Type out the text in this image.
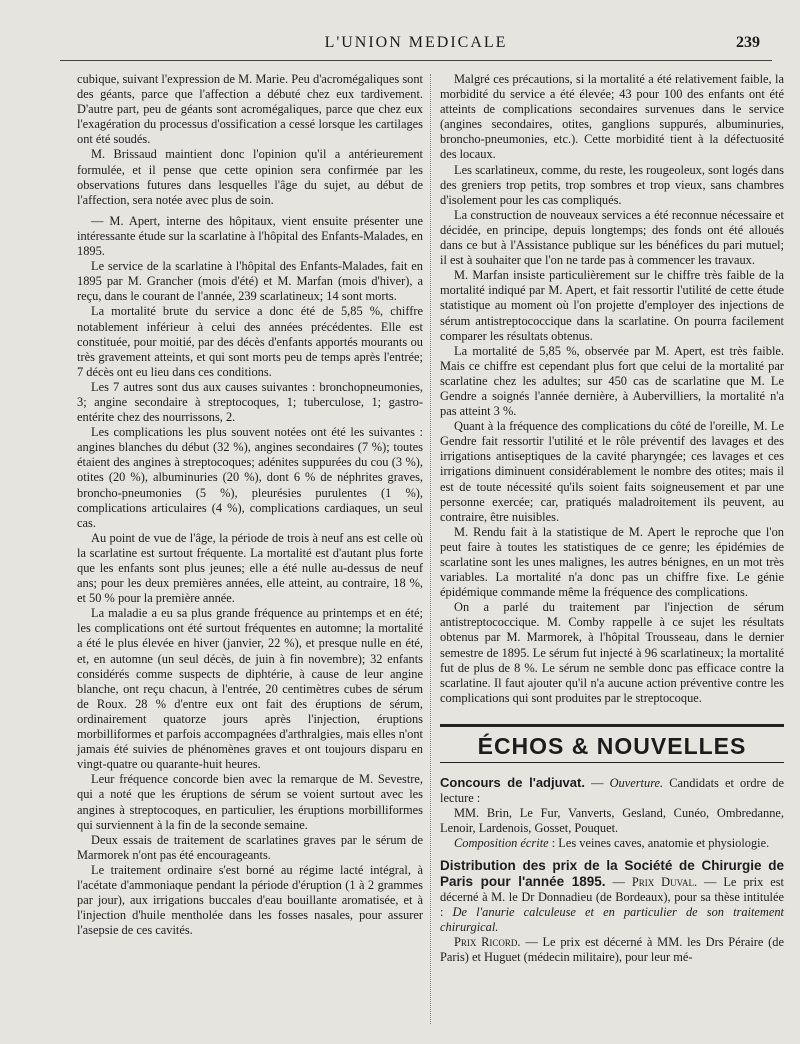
L'UNION MEDICALE	239

cubique, suivant l'expression de M. Marie. Peu d'acromégaliques sont des géants, parce que l'affection a débuté chez eux tardivement. D'autre part, peu de géants sont acromégaliques, parce que chez eux l'exagération du processus d'ossification a cessé lorsque les cartilages ont été soudés.

M. Brissaud maintient donc l'opinion qu'il a antérieurement formulée, et il pense que cette opinion sera confirmée par les observations futures dans lesquelles l'âge du sujet, au début de l'affection, sera notée avec plus de soin.

— M. Apert, interne des hôpitaux, vient ensuite présenter une intéressante étude sur la scarlatine à l'hôpital des Enfants-Malades, en 1895.

Le service de la scarlatine à l'hôpital des Enfants-Malades, fait en 1895 par M. Grancher (mois d'été) et M. Marfan (mois d'hiver), a reçu, dans le courant de l'année, 239 scarlatineux; 14 sont morts.

La mortalité brute du service a donc été de 5,85 %, chiffre notablement inférieur à celui des années précédentes. Elle est constituée, pour moitié, par des décès d'enfants apportés mourants ou très gravement atteints, et qui sont morts peu de temps après l'entrée; 7 décès ont eu lieu dans ces conditions.

Les 7 autres sont dus aux causes suivantes : bronchopneumonies, 3; angine secondaire à streptocoques, 1; tuberculose, 1; gastro-entérite chez des nourrissons, 2.

Les complications les plus souvent notées ont été les suivantes : angines blanches du début (32 %), angines secondaires (7 %); toutes étaient des angines à streptocoques; adénites suppurées du cou (3 %), otites (20 %), albuminuries (20 %), dont 6 % de néphrites graves, broncho-pneumonies (5 %), pleurésies purulentes (1 %), complications articulaires (4 %), complications cardiaques, un seul cas.

Au point de vue de l'âge, la période de trois à neuf ans est celle où la scarlatine est surtout fréquente. La mortalité est d'autant plus forte que les enfants sont plus jeunes; elle a été nulle au-dessus de neuf ans; pour les deux premières années, elle atteint, au contraire, 18 %, et 50 % pour la première année.

La maladie a eu sa plus grande fréquence au printemps et en été; les complications ont été surtout fréquentes en automne; la mortalité a été le plus élevée en hiver (janvier, 22 %), et presque nulle en été, et, en automne (un seul décès, de juin à fin novembre); 32 enfants considérés comme suspects de diphtérie, à cause de leur angine blanche, ont reçu chacun, à l'entrée, 20 centimètres cubes de sérum de Roux. 28 % d'entre eux ont fait des éruptions de sérum, ordinairement quatorze jours après l'injection, éruptions morbilliformes et parfois accompagnées d'arthralgies, mais elles n'ont jamais été suivies de phénomènes graves et ont toujours disparu en vingt-quatre ou quarante-huit heures.

Leur fréquence concorde bien avec la remarque de M. Sevestre, qui a noté que les éruptions de sérum se voient surtout avec les angines à streptocoques, en particulier, les éruptions morbilliformes qui surviennent à la fin de la seconde semaine.

Deux essais de traitement de scarlatines graves par le sérum de Marmorek n'ont pas été encourageants.

Le traitement ordinaire s'est borné au régime lacté intégral, à l'acétate d'ammoniaque pendant la période d'éruption (1 à 2 grammes par jour), aux irrigations buccales d'eau bouillante aromatisée, et à l'injection d'huile mentholée dans les fosses nasales, pour assurer l'asepsie de ces cavités.

Malgré ces précautions, si la mortalité a été relativement faible, la morbidité du service a été élevée; 43 pour 100 des enfants ont été atteints de complications secondaires survenues dans le service (angines secondaires, otites, ganglions suppurés, albuminuries, broncho-pneumonies, etc.). Cette morbidité tient à la défectuosité des locaux.

Les scarlatineux, comme, du reste, les rougeoleux, sont logés dans des greniers trop petits, trop sombres et trop vieux, sans chambres d'isolement pour les cas compliqués.

La construction de nouveaux services a été reconnue nécessaire et décidée, en principe, depuis longtemps; des fonds ont été alloués dans ce but à l'Assistance publique sur les bénéfices du pari mutuel; il est à souhaiter que l'on ne tarde pas à commencer les travaux.

M. Marfan insiste particulièrement sur le chiffre très faible de la mortalité indiqué par M. Apert, et fait ressortir l'utilité de cette étude statistique au moment où l'on projette d'employer des injections de sérum antistreptococcique dans la scarlatine. On pourra facilement comparer les résultats obtenus.

La mortalité de 5,85 %, observée par M. Apert, est très faible. Mais ce chiffre est cependant plus fort que celui de la mortalité par scarlatine chez les adultes; sur 450 cas de scarlatine que M. Le Gendre a soignés l'année dernière, à Aubervilliers, la mortalité n'a pas atteint 3 %.

Quant à la fréquence des complications du côté de l'oreille, M. Le Gendre fait ressortir l'utilité et le rôle préventif des lavages et des irrigations antiseptiques de la cavité pharyngée; ces lavages et ces irrigations diminuent considérablement le nombre des otites; mais il est de toute nécessité qu'ils soient faits soigneusement et par une personne exercée; car, pratiqués maladroitement ils peuvent, au contraire, être nuisibles.

M. Rendu fait à la statistique de M. Apert le reproche que l'on peut faire à toutes les statistiques de ce genre; les épidémies de scarlatine sont les unes malignes, les autres bénignes, en un mot très variables. La mortalité n'a donc pas un chiffre fixe. Le génie épidémique commande même la fréquence des complications.

On a parlé du traitement par l'injection de sérum antistreptococcique. M. Comby rappelle à ce sujet les résultats obtenus par M. Marmorek, à l'hôpital Trousseau, dans le dernier semestre de 1895. Le sérum fut injecté à 96 scarlatineux; la mortalité fut de plus de 8 %. Le sérum ne semble donc pas efficace contre la scarlatine. Il faut ajouter qu'il n'a aucune action préventive contre les complications qui sont produites par le streptocoque.

ÉCHOS & NOUVELLES

Concours de l'adjuvat. — Ouverture. Candidats et ordre de lecture :

MM. Brin, Le Fur, Vanverts, Gesland, Cunéo, Ombredanne, Lenoir, Lardenois, Gosset, Pouquet.

Composition écrite : Les veines caves, anatomie et physiologie.

Distribution des prix de la Société de Chirurgie de Paris pour l'année 1895. — Prix Duval. — Le prix est décerné à M. le Dr Donnadieu (de Bordeaux), pour sa thèse intitulée : De l'anurie calculeuse et en particulier de son traitement chirurgical.

Prix Ricord. — Le prix est décerné à MM. les Drs Péraire (de Paris) et Huguet (médecin militaire), pour leur mé-
